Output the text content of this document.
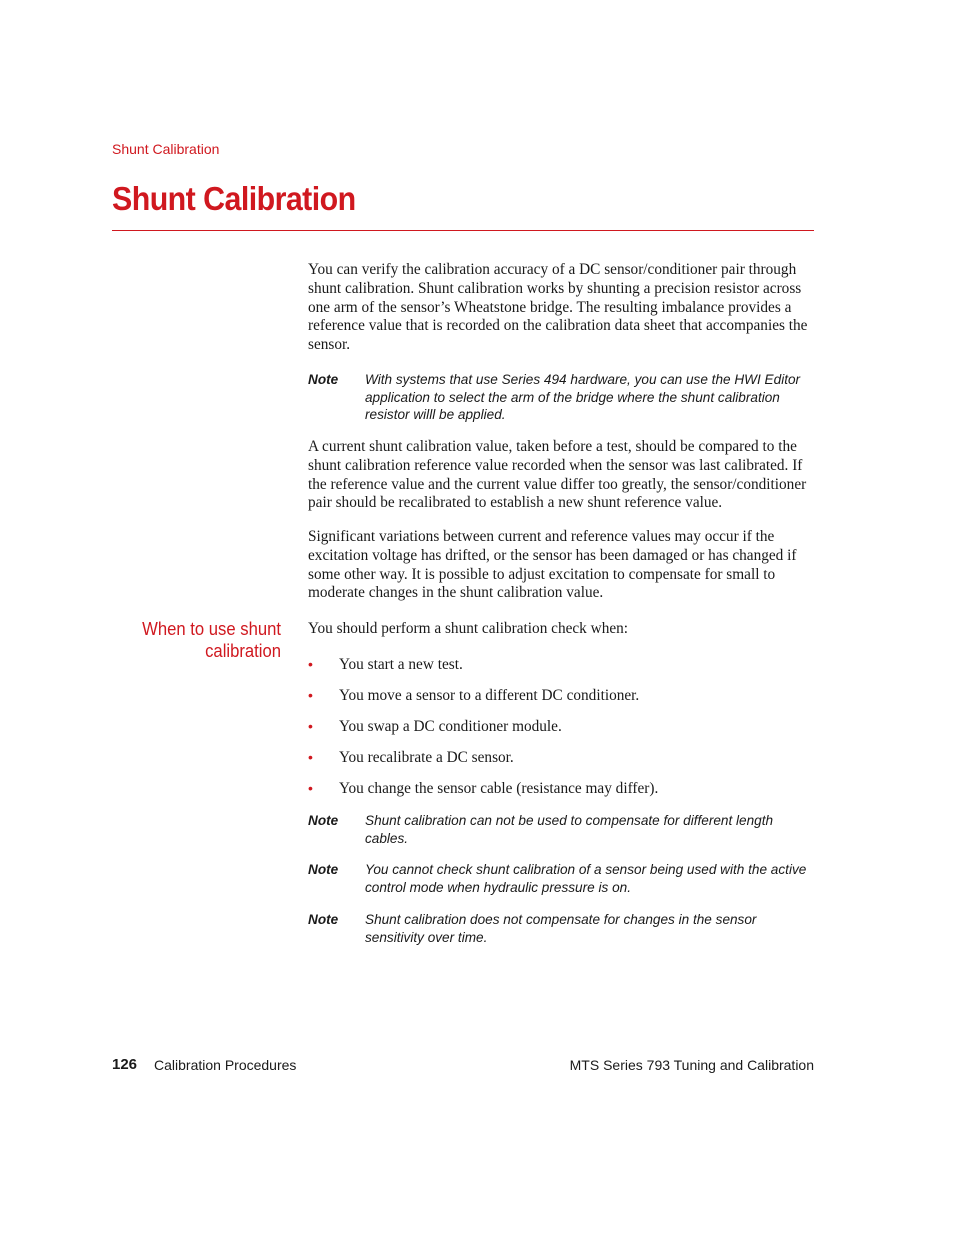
Shunt Calibration
Shunt Calibration

You can verify the calibration accuracy of a DC sensor/conditioner pair through shunt calibration. Shunt calibration works by shunting a precision resistor across one arm of the sensor’s Wheatstone bridge. The resulting imbalance provides a reference value that is recorded on the calibration data sheet that accompanies the sensor.

Note With systems that use Series 494 hardware, you can use the HWI Editor application to select the arm of the bridge where the shunt calibration resistor willl be applied.

A current shunt calibration value, taken before a test, should be compared to the shunt calibration reference value recorded when the sensor was last calibrated. If the reference value and the current value differ too greatly, the sensor/conditioner pair should be recalibrated to establish a new shunt reference value.

Significant variations between current and reference values may occur if the excitation voltage has drifted, or the sensor has been damaged or has changed if some other way. It is possible to adjust excitation to compensate for small to moderate changes in the shunt calibration value.

When to use shunt calibration

You should perform a shunt calibration check when:

• You start a new test.
• You move a sensor to a different DC conditioner.
• You swap a DC conditioner module.
• You recalibrate a DC sensor.
• You change the sensor cable (resistance may differ).
Note Shunt calibration can not be used to compensate for different length cables.
Note You cannot check shunt calibration of a sensor being used with the active control mode when hydraulic pressure is on.
Note Shunt calibration does not compensate for changes in the sensor sensitivity over time.
126 Calibration Procedures	MTS Series 793 Tuning and Calibration
